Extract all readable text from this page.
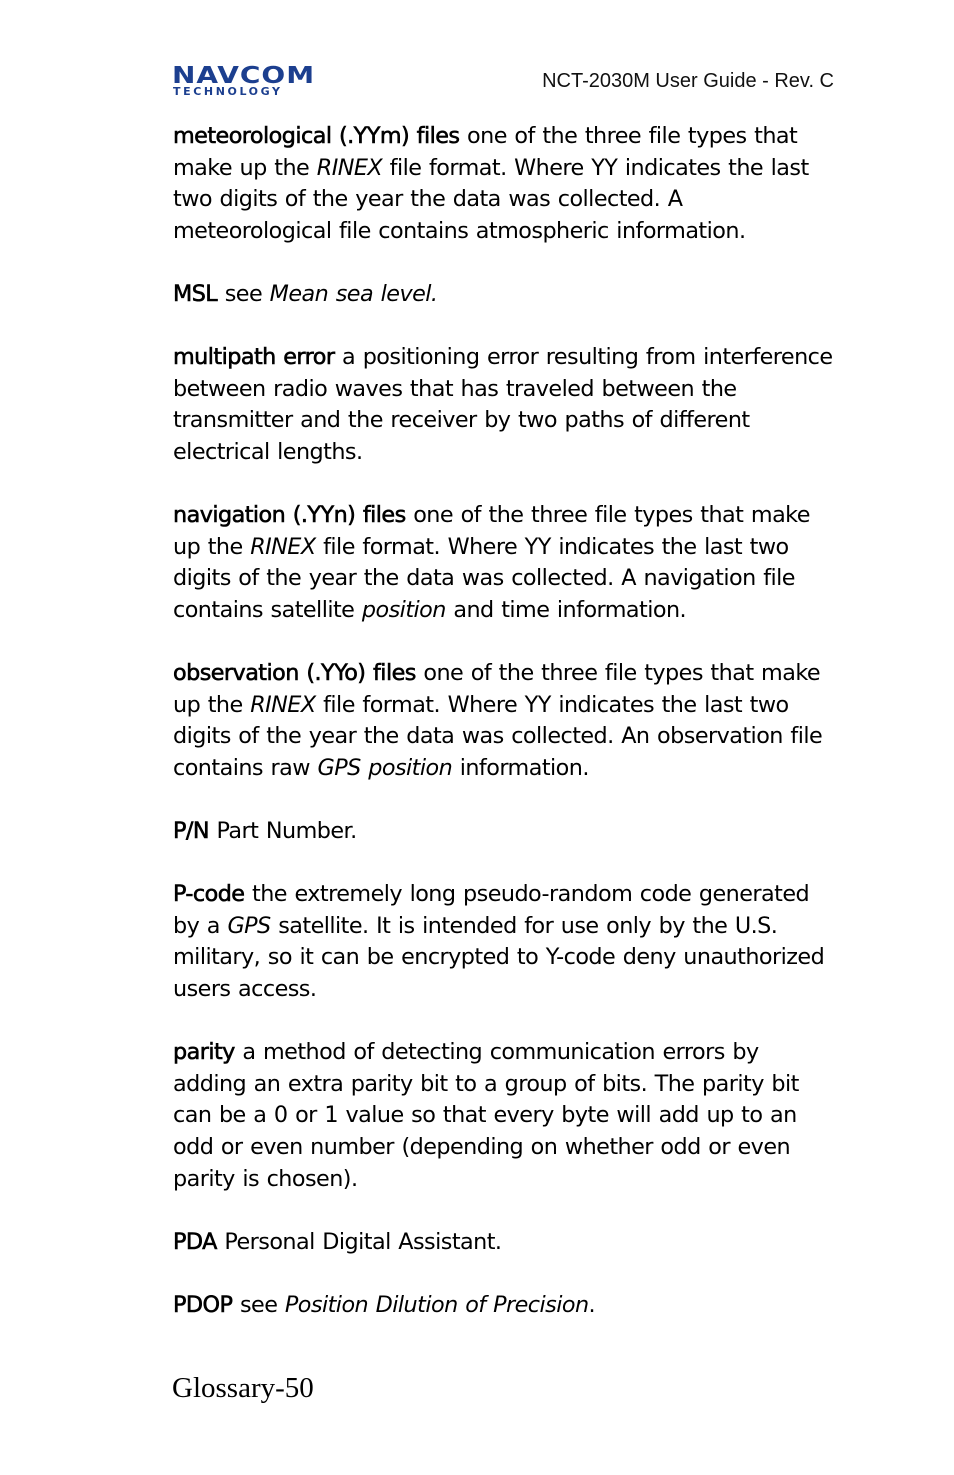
NAVCOM
TECHNOLOGY	NCT-2030M User Guide - Rev. C

meteorological (.YYm) files one of the three file types that make up the RINEX file format. Where YY indicates the last two digits of the year the data was collected. A meteorological file contains atmospheric information.

MSL see Mean sea level.

multipath error a positioning error resulting from interference between radio waves that has traveled between the transmitter and the receiver by two paths of different electrical lengths.

navigation (.YYn) files one of the three file types that make up the RINEX file format. Where YY indicates the last two digits of the year the data was collected. A navigation file contains satellite position and time information.

observation (.YYo) files one of the three file types that make up the RINEX file format. Where YY indicates the last two digits of the year the data was collected. An observation file contains raw GPS position information.

P/N Part Number.

P-code the extremely long pseudo-random code generated by a GPS satellite. It is intended for use only by the U.S. military, so it can be encrypted to Y-code deny unauthorized users access.

parity a method of detecting communication errors by adding an extra parity bit to a group of bits. The parity bit can be a 0 or 1 value so that every byte will add up to an odd or even number (depending on whether odd or even parity is chosen).

PDA Personal Digital Assistant.

PDOP see Position Dilution of Precision.

Glossary-50
